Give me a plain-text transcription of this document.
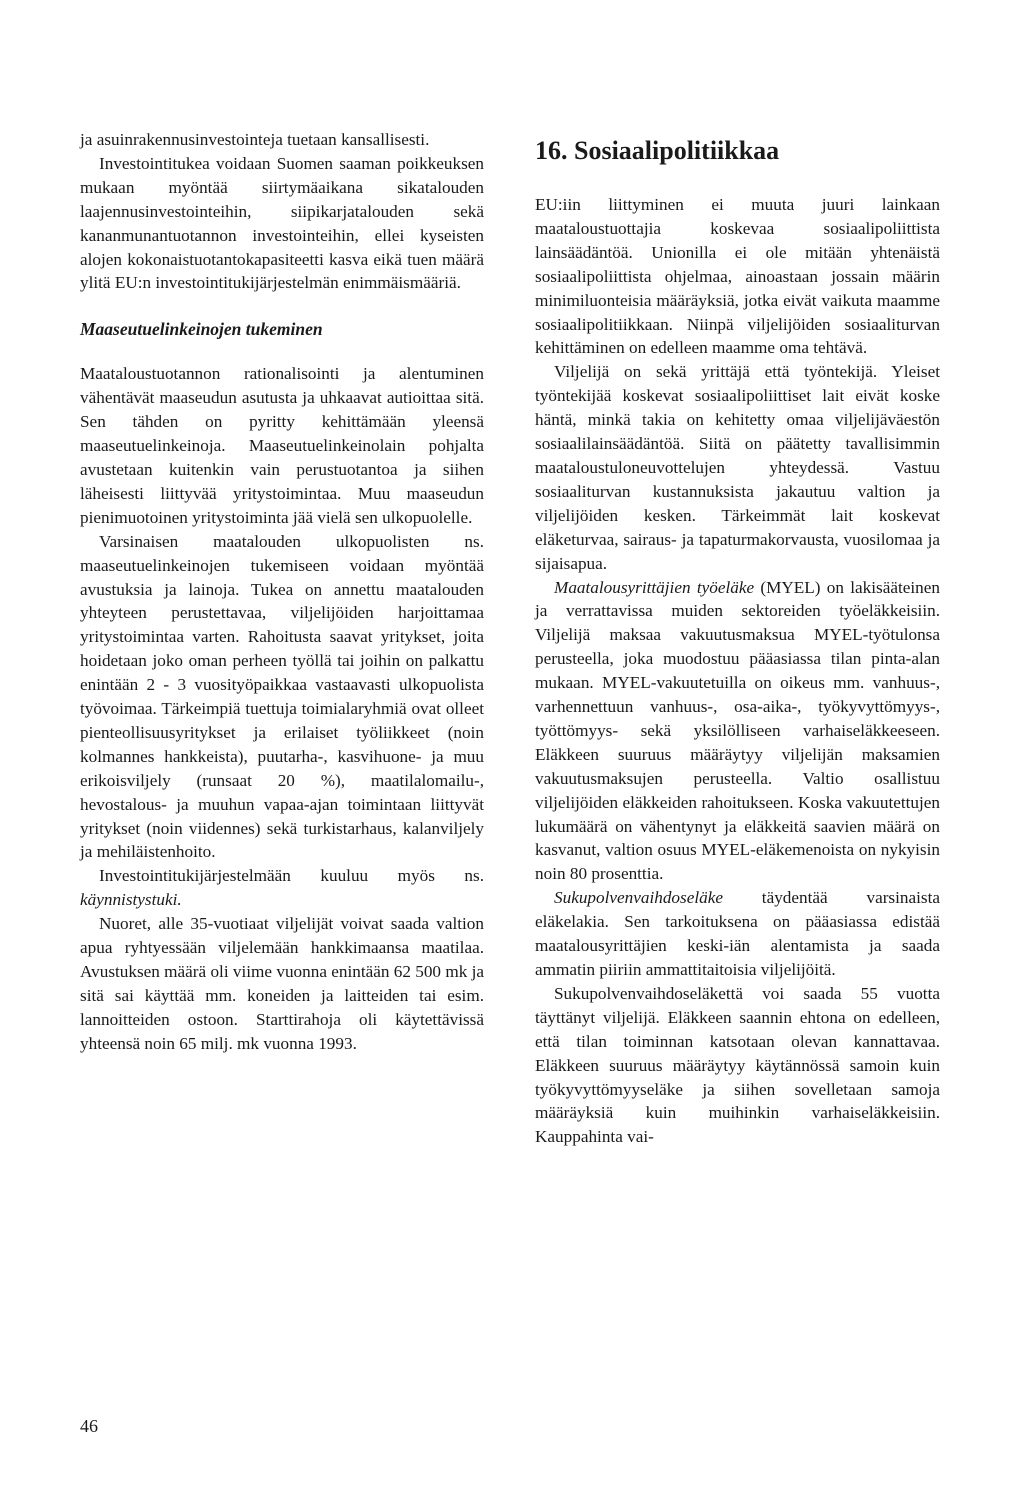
ja asuinrakennusinvestointeja tuetaan kansallisesti.

Investointitukea voidaan Suomen saaman poikkeuksen mukaan myöntää siirtymäaikana sikatalouden laajennusinvestointeihin, siipikarjatalouden sekä kananmunantuotannon investointeihin, ellei kyseisten alojen kokonaistuotantokapasiteetti kasva eikä tuen määrä ylitä EU:n investointitukijärjestelmän enimmäismääriä.

Maaseutuelinkeinojen tukeminen

Maataloustuotannon rationalisointi ja alentuminen vähentävät maaseudun asutusta ja uhkaavat autioittaa sitä. Sen tähden on pyritty kehittämään yleensä maaseutuelinkeinoja. Maaseutuelinkeinolain pohjalta avustetaan kuitenkin vain perustuotantoa ja siihen läheisesti liittyvää yritystoimintaa. Muu maaseudun pienimuotoinen yritystoiminta jää vielä sen ulkopuolelle.

Varsinaisen maatalouden ulkopuolisten ns. maaseutuelinkeinojen tukemiseen voidaan myöntää avustuksia ja lainoja. Tukea on annettu maatalouden yhteyteen perustettavaa, viljelijöiden harjoittamaa yritystoimintaa varten. Rahoitusta saavat yritykset, joita hoidetaan joko oman perheen työllä tai joihin on palkattu enintään 2 - 3 vuosityöpaikkaa vastaavasti ulkopuolista työvoimaa. Tärkeimpiä tuettuja toimialaryhmiä ovat olleet pienteollisuusyritykset ja erilaiset työliikkeet (noin kolmannes hankkeista), puutarha-, kasvihuone- ja muu erikoisviljely (runsaat 20 %), maatilalomailu-, hevostalous- ja muuhun vapaa-ajan toimintaan liittyvät yritykset (noin viidennes) sekä turkistarhaus, kalanviljely ja mehiläistenhoito.

Investointitukijärjestelmään kuuluu myös ns. käynnistystuki.

Nuoret, alle 35-vuotiaat viljelijät voivat saada valtion apua ryhtyessään viljelemään hankkimaansa maatilaa. Avustuksen määrä oli viime vuonna enintään 62 500 mk ja sitä sai käyttää mm. koneiden ja laitteiden tai esim. lannoitteiden ostoon. Starttirahoja oli käytettävissä yhteensä noin 65 milj. mk vuonna 1993.

16. Sosiaalipolitiikkaa

EU:iin liittyminen ei muuta juuri lainkaan maataloustuottajia koskevaa sosiaalipoliittista lainsäädäntöä. Unionilla ei ole mitään yhtenäistä sosiaalipoliittista ohjelmaa, ainoastaan jossain määrin minimiluonteisia määräyksiä, jotka eivät vaikuta maamme sosiaalipolitiikkaan. Niinpä viljelijöiden sosiaaliturvan kehittäminen on edelleen maamme oma tehtävä.

Viljelijä on sekä yrittäjä että työntekijä. Yleiset työntekijää koskevat sosiaalipoliittiset lait eivät koske häntä, minkä takia on kehitetty omaa viljelijäväestön sosiaalilainsäädäntöä. Siitä on päätetty tavallisimmin maataloustuloneuvottelujen yhteydessä. Vastuu sosiaaliturvan kustannuksista jakautuu valtion ja viljelijöiden kesken. Tärkeimmät lait koskevat eläketurvaa, sairaus- ja tapaturmakorvausta, vuosilomaa ja sijaisapua.

Maatalousyrittäjien työeläke (MYEL) on lakisääteinen ja verrattavissa muiden sektoreiden työeläkkeisiin. Viljelijä maksaa vakuutusmaksua MYEL-työtulonsa perusteella, joka muodostuu pääasiassa tilan pinta-alan mukaan. MYEL-vakuutetuilla on oikeus mm. vanhuus-, varhennettuun vanhuus-, osa-aika-, työkyvyttömyys-, työttömyys- sekä yksilölliseen varhaiseläkkeeseen. Eläkkeen suuruus määräytyy viljelijän maksamien vakuutusmaksujen perusteella. Valtio osallistuu viljelijöiden eläkkeiden rahoitukseen. Koska vakuutettujen lukumäärä on vähentynyt ja eläkkeitä saavien määrä on kasvanut, valtion osuus MYEL-eläkemenoista on nykyisin noin 80 prosenttia.

Sukupolvenvaihdoseläke täydentää varsinaista eläkelakia. Sen tarkoituksena on pääasiassa edistää maatalousyrittäjien keski-iän alentamista ja saada ammatin piiriin ammattitaitoisia viljelijöitä.

Sukupolvenvaihdoseläkettä voi saada 55 vuotta täyttänyt viljelijä. Eläkkeen saannin ehtona on edelleen, että tilan toiminnan katsotaan olevan kannattavaa. Eläkkeen suuruus määräytyy käytännössä samoin kuin työkyvyttömyyseläke ja siihen sovelletaan samoja määräyksiä kuin muihinkin varhaiseläkkeisiin. Kauppahinta vai-

46
